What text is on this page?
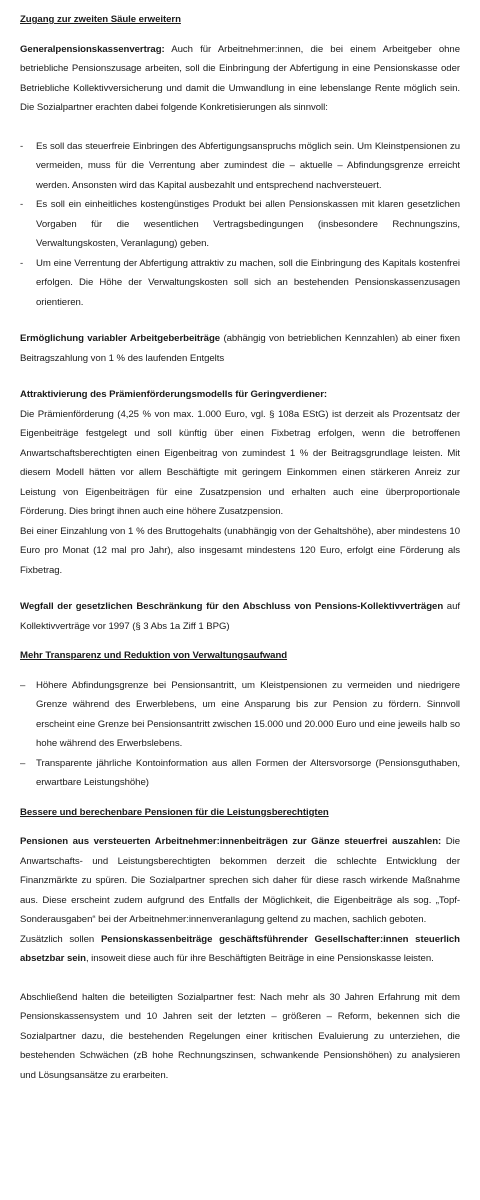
Zugang zur zweiten Säule erweitern

Generalpensionskassenvertrag: Auch für Arbeitnehmer:innen, die bei einem Arbeitgeber ohne betriebliche Pensionszusage arbeiten, soll die Einbringung der Abfertigung in eine Pensionskasse oder Betriebliche Kollektivversicherung und damit die Umwandlung in eine lebenslange Rente möglich sein. Die Sozialpartner erachten dabei folgende Konkretisierungen als sinnvoll:

- Es soll das steuerfreie Einbringen des Abfertigungsanspruchs möglich sein. Um Kleinstpensionen zu vermeiden, muss für die Verrentung aber zumindest die – aktuelle – Abfindungsgrenze erreicht werden. Ansonsten wird das Kapital ausbezahlt und entsprechend nachversteuert.
- Es soll ein einheitliches kostengünstiges Produkt bei allen Pensionskassen mit klaren gesetzlichen Vorgaben für die wesentlichen Vertragsbedingungen (insbesondere Rechnungszins, Verwaltungskosten, Veranlagung) geben.
- Um eine Verrentung der Abfertigung attraktiv zu machen, soll die Einbringung des Kapitals kostenfrei erfolgen. Die Höhe der Verwaltungskosten soll sich an bestehenden Pensionskassenzusagen orientieren.

Ermöglichung variabler Arbeitgeberbeiträge (abhängig von betrieblichen Kennzahlen) ab einer fixen Beitragszahlung von 1 % des laufenden Entgelts

Attraktivierung des Prämienförderungsmodells für Geringverdiener:

Die Prämienförderung (4,25 % von max. 1.000 Euro, vgl. § 108a EStG) ist derzeit als Prozentsatz der Eigenbeiträge festgelegt und soll künftig über einen Fixbetrag erfolgen, wenn die betroffenen Anwartschaftsberechtigten einen Eigenbeitrag von zumindest 1 % der Beitragsgrundlage leisten. Mit diesem Modell hätten vor allem Beschäftigte mit geringem Einkommen einen stärkeren Anreiz zur Leistung von Eigenbeiträgen für eine Zusatzpension und erhalten auch eine überproportionale Förderung. Dies bringt ihnen auch eine höhere Zusatzpension.

Bei einer Einzahlung von 1 % des Bruttogehalts (unabhängig von der Gehaltshöhe), aber mindestens 10 Euro pro Monat (12 mal pro Jahr), also insgesamt mindestens 120 Euro, erfolgt eine Förderung als Fixbetrag.

Wegfall der gesetzlichen Beschränkung für den Abschluss von Pensions-Kollektivverträgen auf Kollektivverträge vor 1997 (§ 3 Abs 1a Ziff 1 BPG)

Mehr Transparenz und Reduktion von Verwaltungsaufwand

– Höhere Abfindungsgrenze bei Pensionsantritt, um Kleistpensionen zu vermeiden und niedrigere Grenze während des Erwerblebens, um eine Ansparung bis zur Pension zu fördern. Sinnvoll erscheint eine Grenze bei Pensionsantritt zwischen 15.000 und 20.000 Euro und eine jeweils halb so hohe während des Erwerbslebens.
– Transparente jährliche Kontoinformation aus allen Formen der Altersvorsorge (Pensionsguthaben, erwartbare Leistungshöhe)

Bessere und berechenbare Pensionen für die Leistungsberechtigten

Pensionen aus versteuerten Arbeitnehmer:innenbeiträgen zur Gänze steuerfrei auszahlen: Die Anwartschafts- und Leistungsberechtigten bekommen derzeit die schlechte Entwicklung der Finanzmärkte zu spüren. Die Sozialpartner sprechen sich daher für diese rasch wirkende Maßnahme aus. Diese erscheint zudem aufgrund des Entfalls der Möglichkeit, die Eigenbeiträge als sog. „Topf-Sonderausgaben“ bei der Arbeitnehmer:innenveranlagung geltend zu machen, sachlich geboten.

Zusätzlich sollen Pensionskassenbeiträge geschäftsführender Gesellschafter:innen steuerlich absetzbar sein, insoweit diese auch für ihre Beschäftigten Beiträge in eine Pensionskasse leisten.

Abschließend halten die beteiligten Sozialpartner fest: Nach mehr als 30 Jahren Erfahrung mit dem Pensionskassensystem und 10 Jahren seit der letzten – größeren – Reform, bekennen sich die Sozialpartner dazu, die bestehenden Regelungen einer kritischen Evaluierung zu unterziehen, die bestehenden Schwächen (zB hohe Rechnungszinsen, schwankende Pensionshöhen) zu analysieren und Lösungsansätze zu erarbeiten.
